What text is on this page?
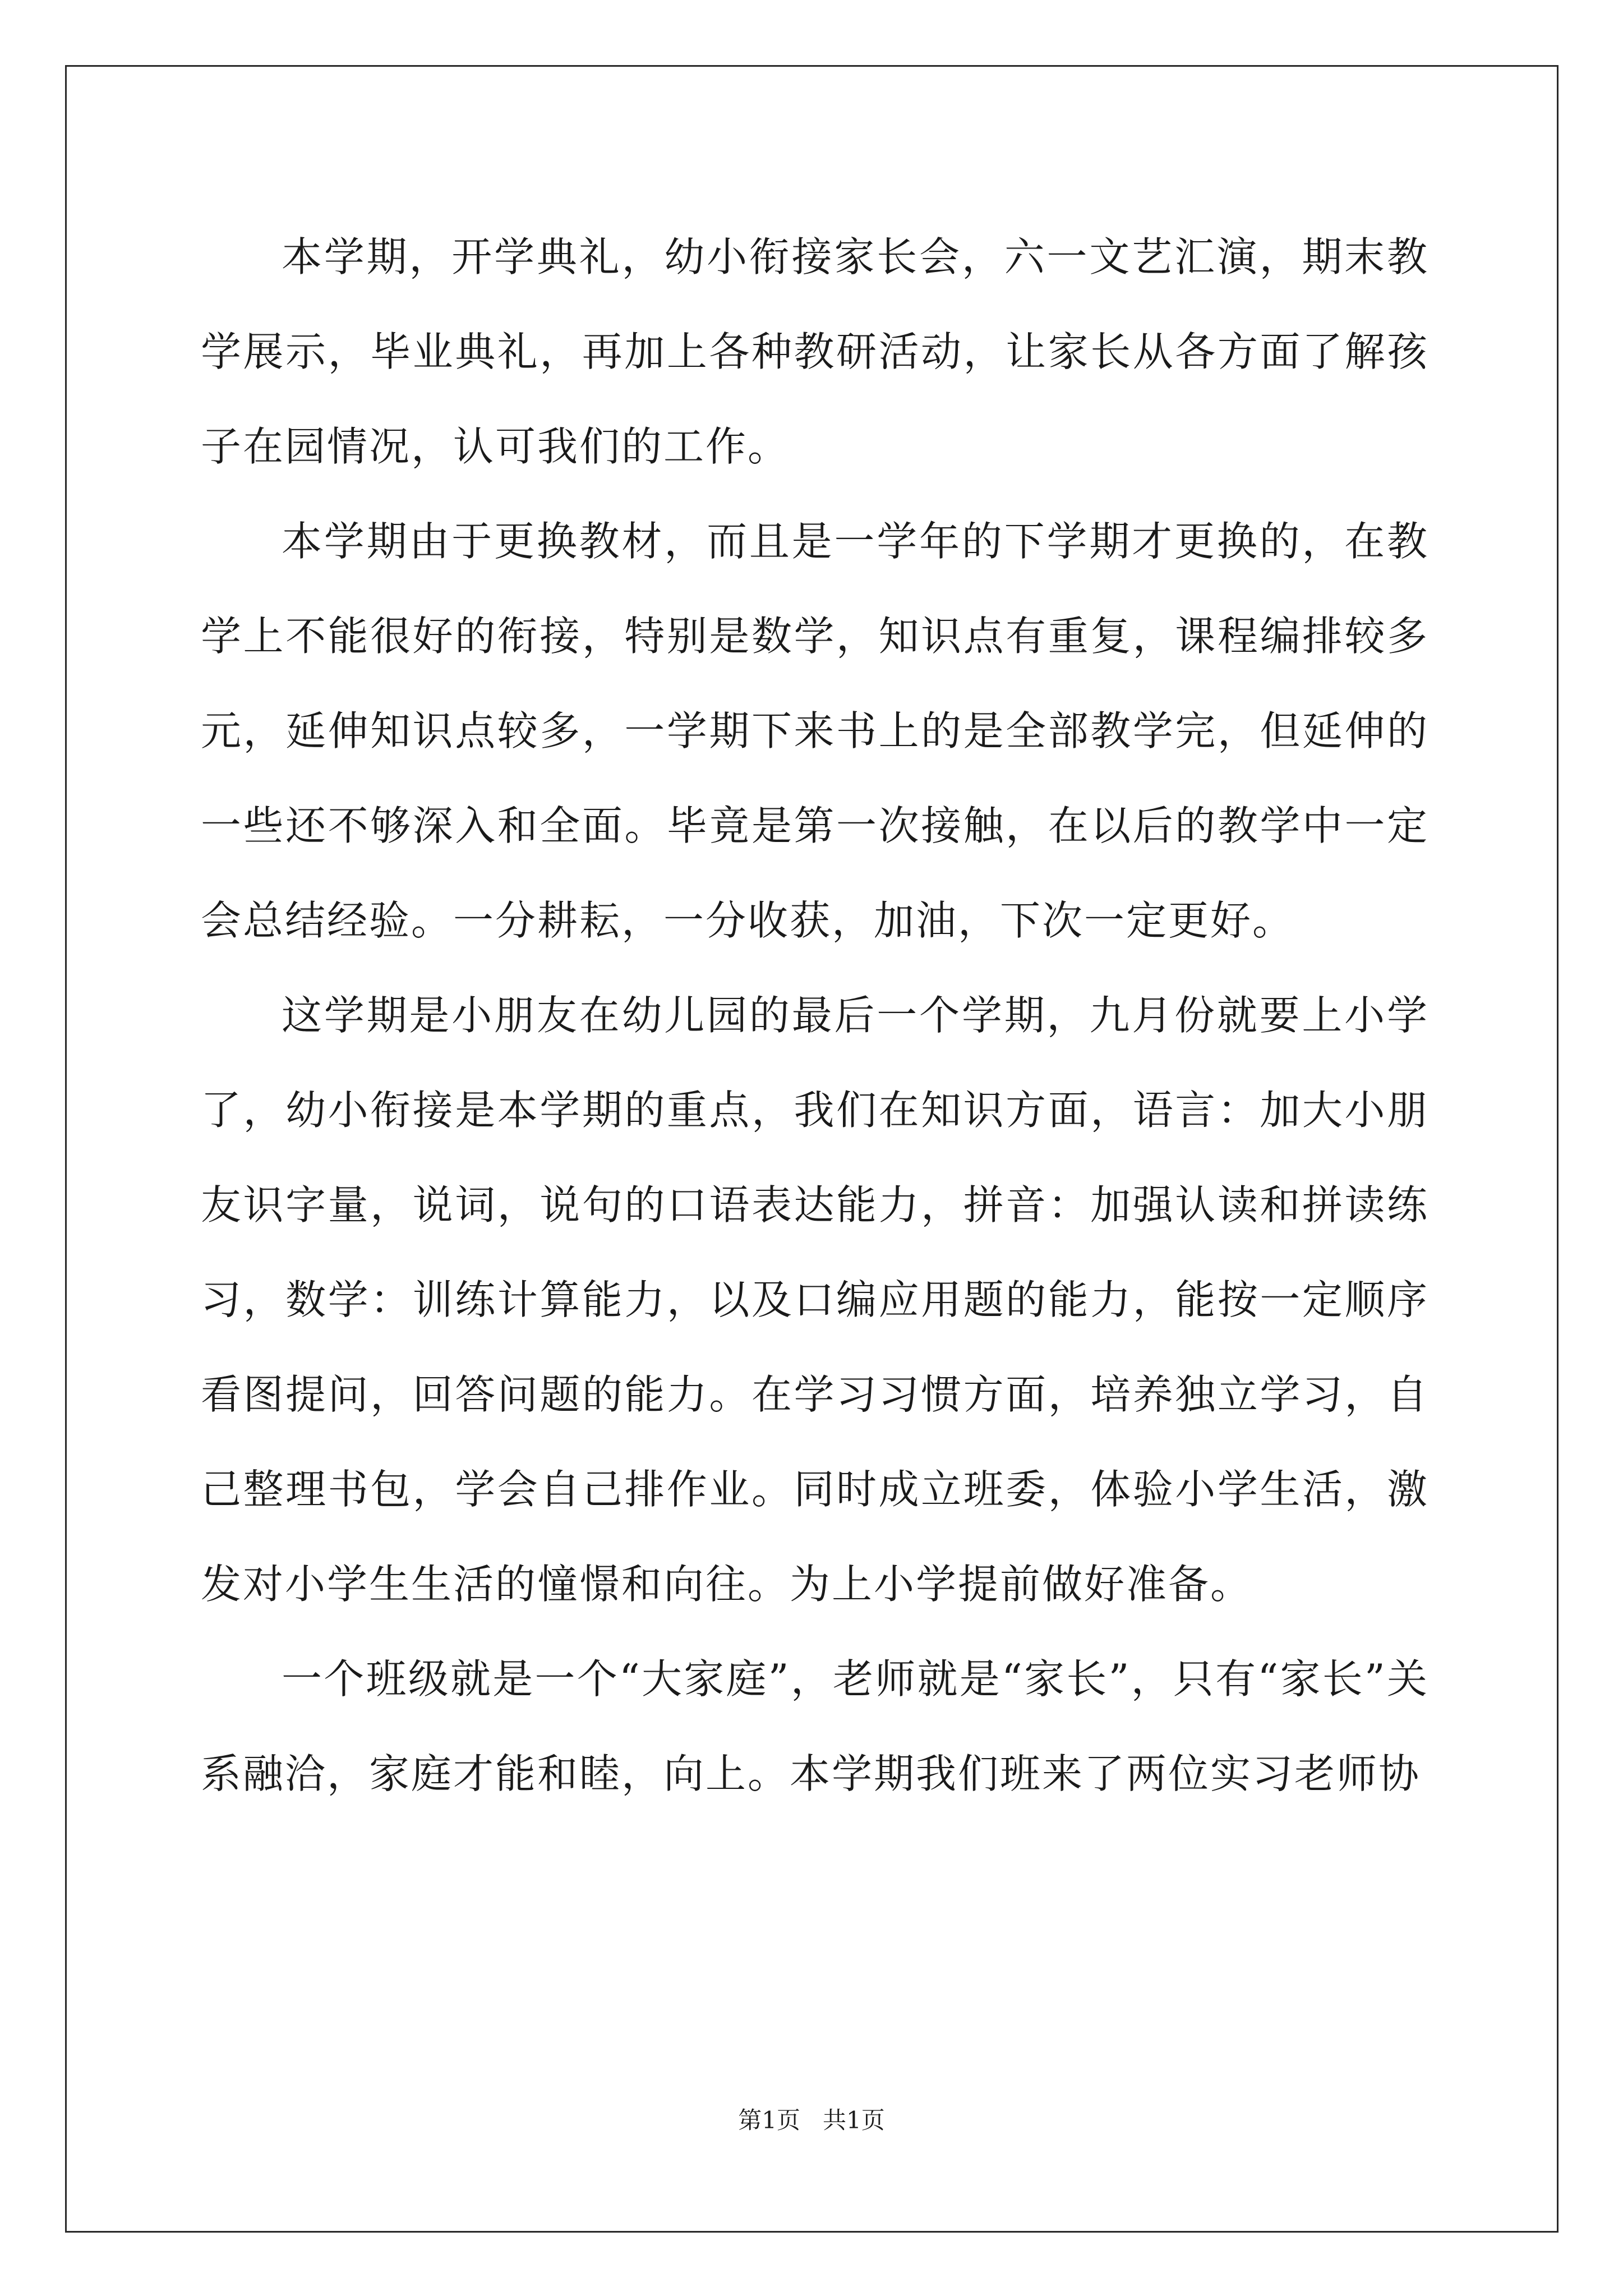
本学期，开学典礼，幼小衔接家长会，六一文艺汇演，期末教学展示，毕业典礼，再加上各种教研活动，让家长从各方面了解孩子在园情况，认可我们的工作。

本学期由于更换教材，而且是一学年的下学期才更换的，在教学上不能很好的衔接，特别是数学，知识点有重复，课程编排较多元，延伸知识点较多，一学期下来书上的是全部教学完，但延伸的一些还不够深入和全面。毕竟是第一次接触，在以后的教学中一定会总结经验。一分耕耘，一分收获，加油，下次一定更好。

这学期是小朋友在幼儿园的最后一个学期，九月份就要上小学了，幼小衔接是本学期的重点，我们在知识方面，语言：加大小朋友识字量，说词，说句的口语表达能力，拼音：加强认读和拼读练习，数学：训练计算能力，以及口编应用题的能力，能按一定顺序看图提问，回答问题的能力。在学习习惯方面，培养独立学习，自己整理书包，学会自己排作业。同时成立班委，体验小学生活，激发对小学生生活的憧憬和向往。为上小学提前做好准备。

一个班级就是一个“大家庭”，老师就是“家长”，只有“家长”关系融洽，家庭才能和睦，向上。本学期我们班来了两位实习老师协

第1页   共1页
